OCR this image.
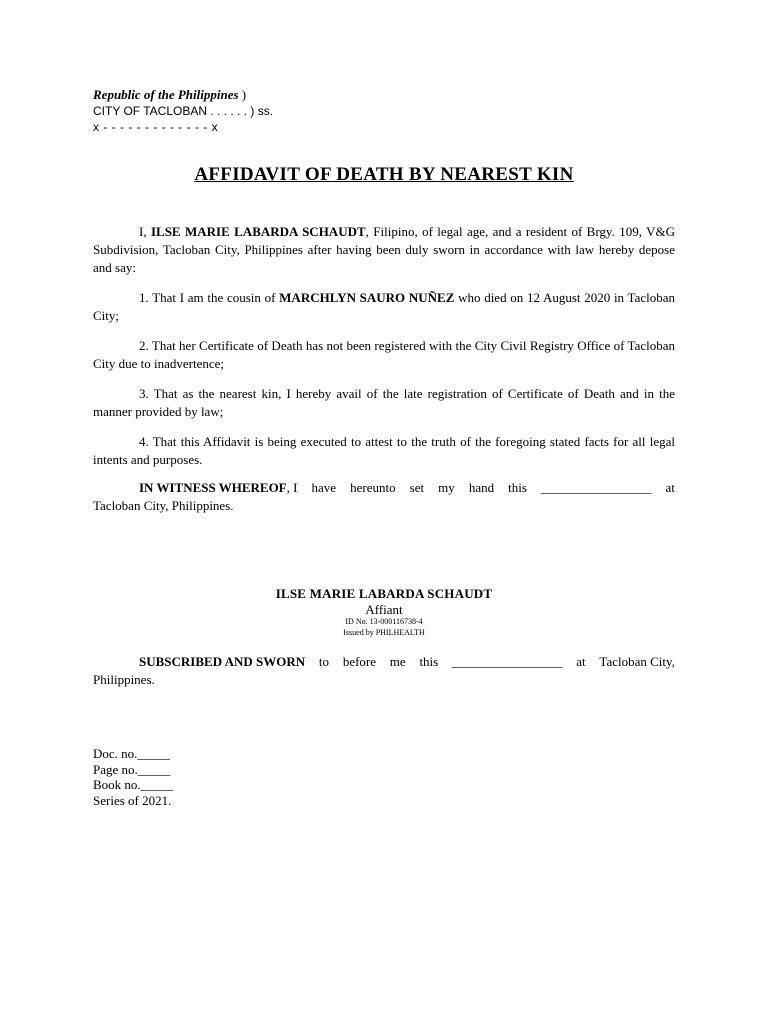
Republic of the Philippines )
CITY OF TACLOBAN . . . . . . ) ss.
x - - - - - - - - - - - - - x
AFFIDAVIT OF DEATH BY NEAREST KIN
I, ILSE MARIE LABARDA SCHAUDT, Filipino, of legal age, and a resident of Brgy. 109, V&G Subdivision, Tacloban City, Philippines after having been duly sworn in accordance with law hereby depose and say:
1. That I am the cousin of MARCHLYN SAURO NUÑEZ who died on 12 August 2020 in Tacloban City;
2. That her Certificate of Death has not been registered with the City Civil Registry Office of Tacloban City due to inadvertence;
3. That as the nearest kin, I hereby avail of the late registration of Certificate of Death and in the manner provided by law;
4. That this Affidavit is being executed to attest to the truth of the foregoing stated facts for all legal intents and purposes.
IN WITNESS WHEREOF, I have hereunto set my hand this _________________ at
Tacloban City, Philippines.
ILSE MARIE LABARDA SCHAUDT
Affiant
ID No. 13-000116738-4
Issued by PHILHEALTH
SUBSCRIBED AND SWORN to before me this _________________ at Tacloban City,
Philippines.
Doc. no._____
Page no._____
Book no._____
Series of 2021.
